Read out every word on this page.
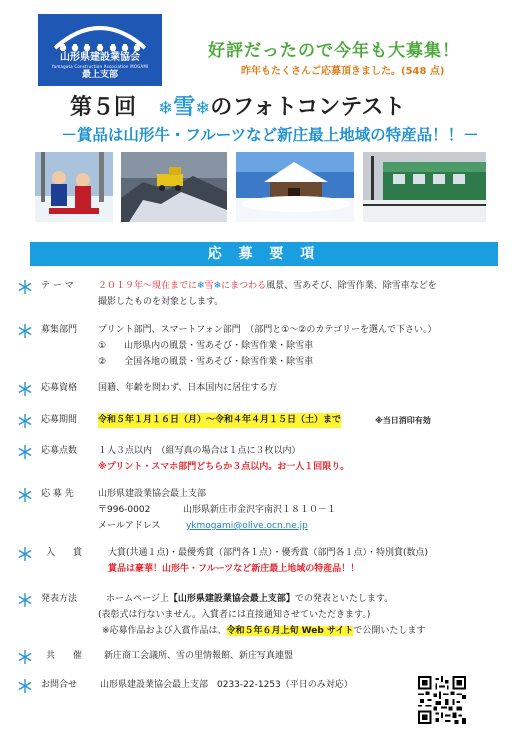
山形県建設業協会
Yamagata Construction Association MOGAMI
最上支部
好評だったので今年も大募集！
昨年もたくさんご応募頂きました。(548 点)
第５回　❄雪❄のフォトコンテスト
－賞品は山形牛・フルーツなど新庄最上地域の特産品！！－
応 募 要 項
テ ー マ	２０１９年～現在までに❄雪❄にまつわる風景、雪あそび、除雪作業、除雪車などを
撮影したものを対象とします。
募集部門 プリント部門、スマートフォン部門　（部門と①～②のカテゴリーを選んで下さい。）
①　　山形県内の風景・雪あそび・除雪作業・除雪車
②　　全国各地の風景・雪あそび・除雪作業・除雪車
応募資格 国籍、年齢を問わず、日本国内に居住する方
応募期間 令和５年１月１６日（月）～令和４年４月１５日（土）まで	※当日消印有効
応募点数 １人３点以内　（組写真の場合は１点に３枚以内）
※プリント・スマホ部門どちらか３点以内。お一人１回限り。
応 募 先	山形県建設業協会最上支部
〒996-0002	山形県新庄市金沢字南沢１８１０－１
メールアドレス	ykmogami@olive.ocn.ne.jp
入　　賞	大賞(共通１点)・最優秀賞（部門各１点）・優秀賞（部門各１点）・特別賞(数点)
賞品は豪華！山形牛・フルーツなど新庄最上地域の特産品！！
発表方法	ホームページ上【山形県建設業協会最上支部】での発表といたします。
(表彰式は行ないません。入賞者には直接通知させていただきます。)
※応募作品および入賞作品は、令和５年６月上旬 Web サイトで公開いたします
共　　催 新庄商工会議所、雪の里情報館、新庄写真連盟
お問合せ	山形県建設業協会最上支部　0233-22-1253（平日のみ対応）
